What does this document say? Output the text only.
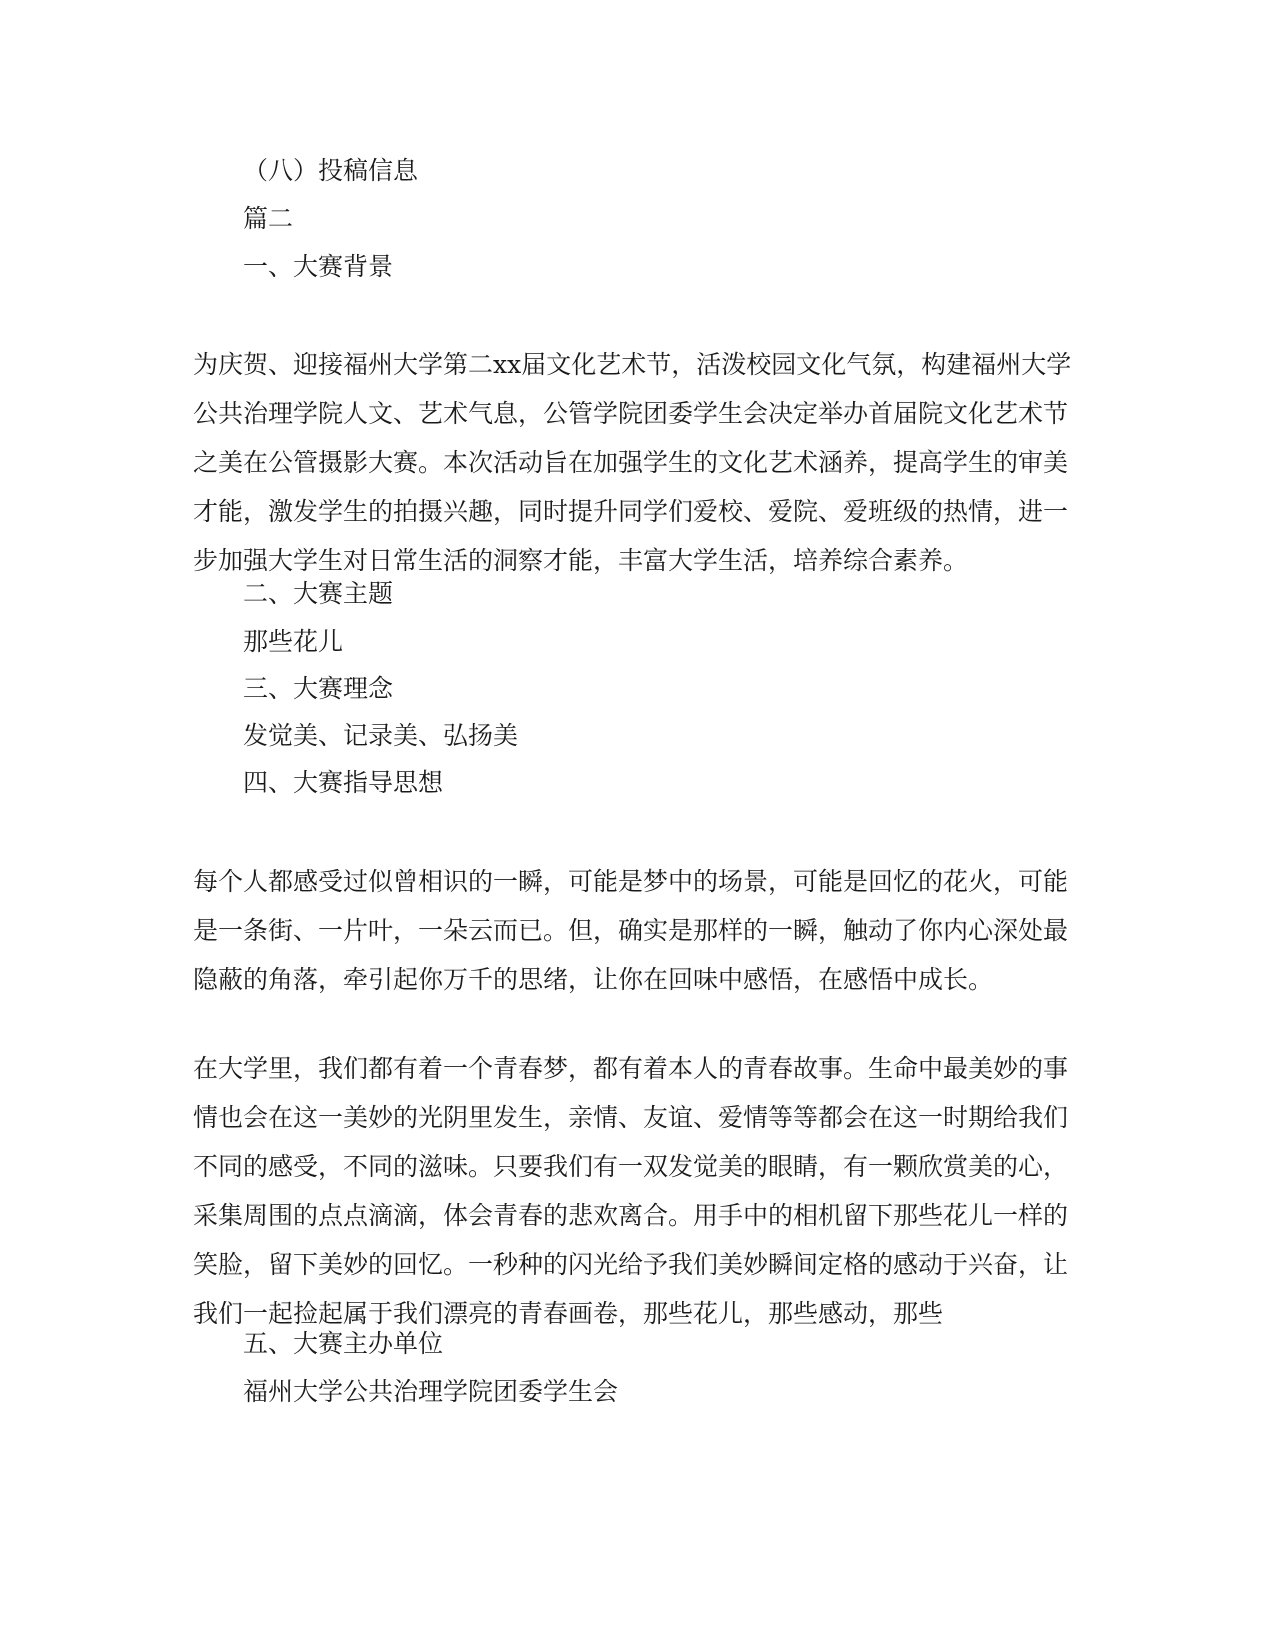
（八）投稿信息
篇二
一、大赛背景

为庆贺、迎接福州大学第二xx届文化艺术节，活泼校园文化气氛，构建福州大学

公共治理学院人文、艺术气息，公管学院团委学生会决定举办首届院文化艺术节

之美在公管摄影大赛。本次活动旨在加强学生的文化艺术涵养，提高学生的审美

才能，激发学生的拍摄兴趣，同时提升同学们爱校、爱院、爱班级的热情，进一

步加强大学生对日常生活的洞察才能，丰富大学生活，培养综合素养。

二、大赛主题
那些花儿
三、大赛理念
发觉美、记录美、弘扬美
四、大赛指导思想

每个人都感受过似曾相识的一瞬，可能是梦中的场景，可能是回忆的花火，可能

是一条街、一片叶，一朵云而已。但，确实是那样的一瞬，触动了你内心深处最

隐蔽的角落，牵引起你万千的思绪，让你在回味中感悟，在感悟中成长。

在大学里，我们都有着一个青春梦，都有着本人的青春故事。生命中最美妙的事

情也会在这一美妙的光阴里发生，亲情、友谊、爱情等等都会在这一时期给我们

不同的感受，不同的滋味。只要我们有一双发觉美的眼睛，有一颗欣赏美的心，

采集周围的点点滴滴，体会青春的悲欢离合。用手中的相机留下那些花儿一样的

笑脸，留下美妙的回忆。一秒种的闪光给予我们美妙瞬间定格的感动于兴奋，让

我们一起捡起属于我们漂亮的青春画卷，那些花儿，那些感动，那些

五、大赛主办单位
福州大学公共治理学院团委学生会
